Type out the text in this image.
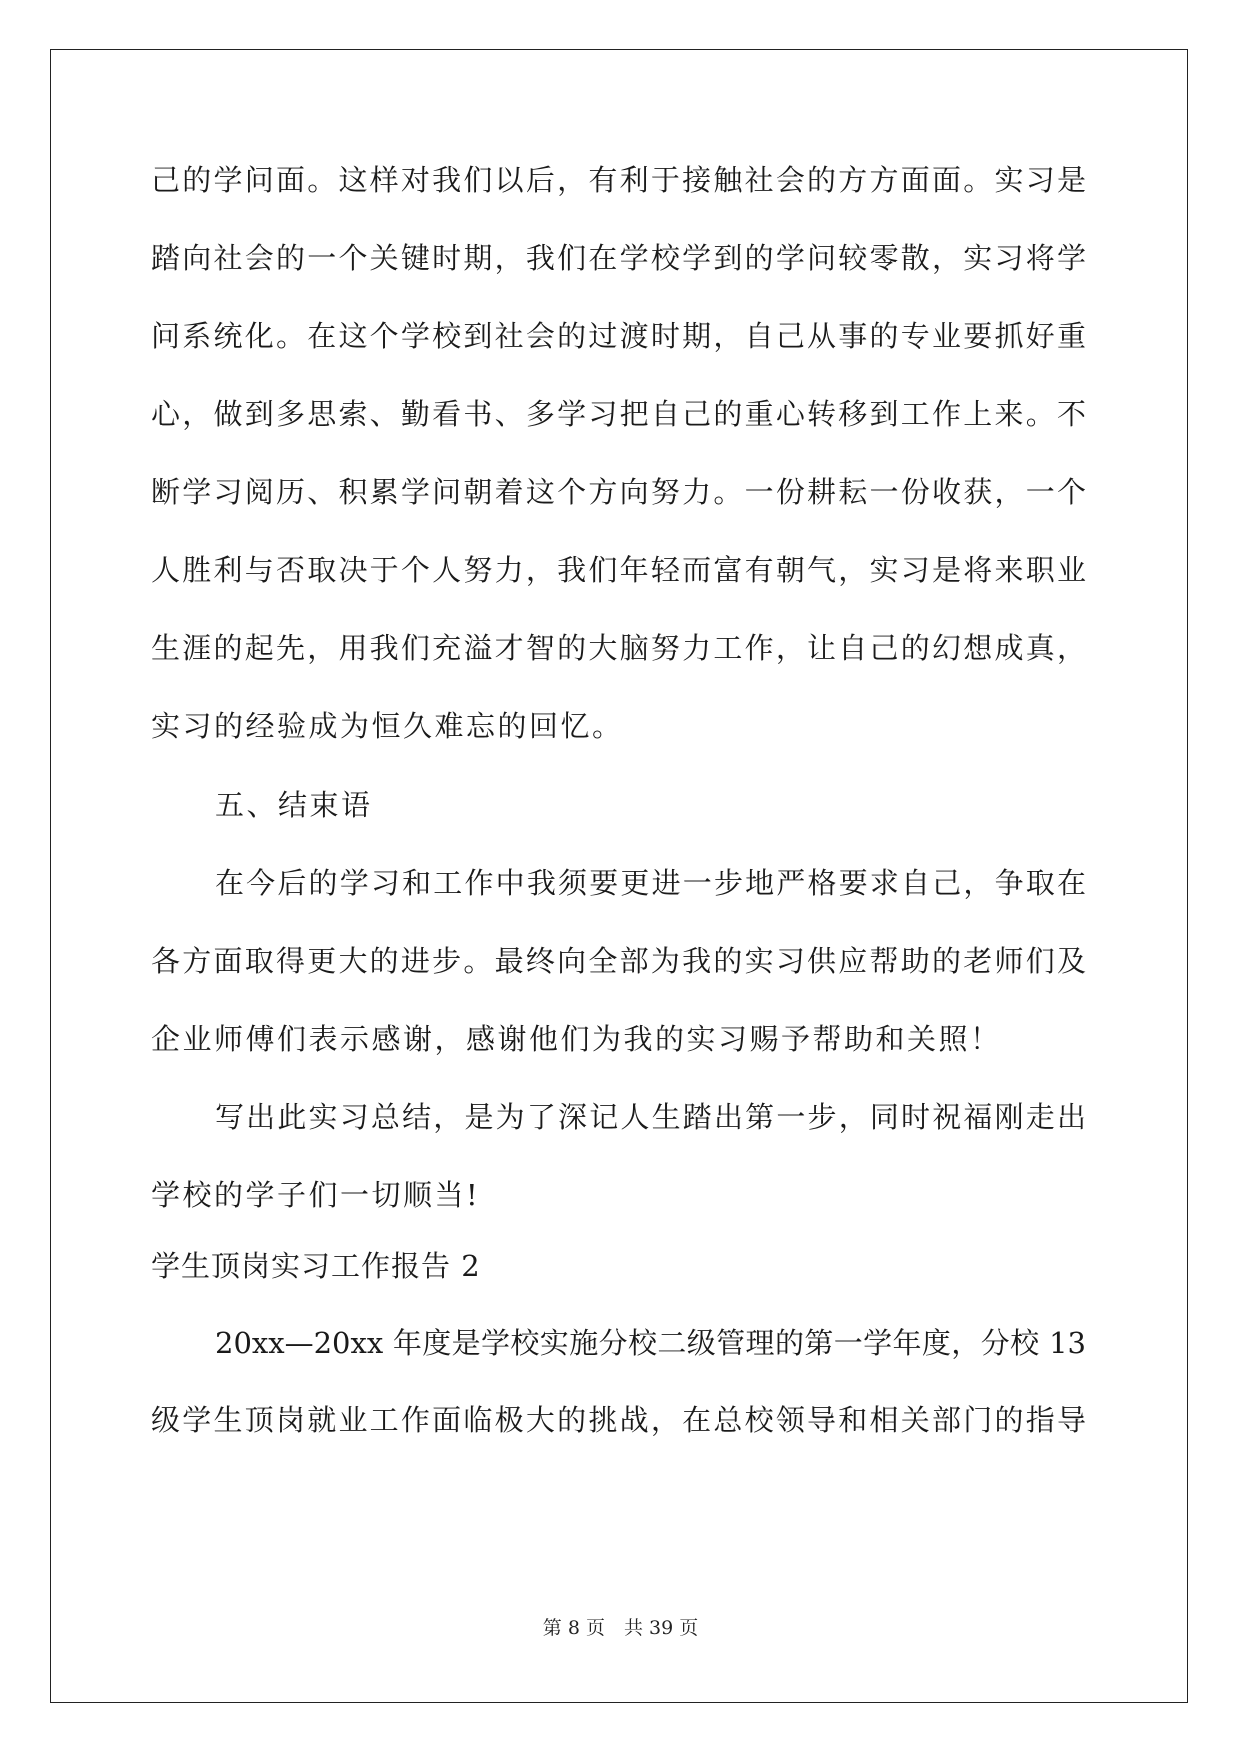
己的学问面。这样对我们以后，有利于接触社会的方方面面。实习是
踏向社会的一个关键时期，我们在学校学到的学问较零散，实习将学
问系统化。在这个学校到社会的过渡时期，自己从事的专业要抓好重
心，做到多思索、勤看书、多学习把自己的重心转移到工作上来。不
断学习阅历、积累学问朝着这个方向努力。一份耕耘一份收获，一个
人胜利与否取决于个人努力，我们年轻而富有朝气，实习是将来职业
生涯的起先，用我们充溢才智的大脑努力工作，让自己的幻想成真，
实习的经验成为恒久难忘的回忆。
五、结束语
在今后的学习和工作中我须要更进一步地严格要求自己，争取在
各方面取得更大的进步。最终向全部为我的实习供应帮助的老师们及
企业师傅们表示感谢，感谢他们为我的实习赐予帮助和关照！
写出此实习总结，是为了深记人生踏出第一步，同时祝福刚走出
学校的学子们一切顺当!
学生顶岗实习工作报告 2
20xx—20xx 年度是学校实施分校二级管理的第一学年度，分校 13
级学生顶岗就业工作面临极大的挑战，在总校领导和相关部门的指导
第 8 页　共 39 页
